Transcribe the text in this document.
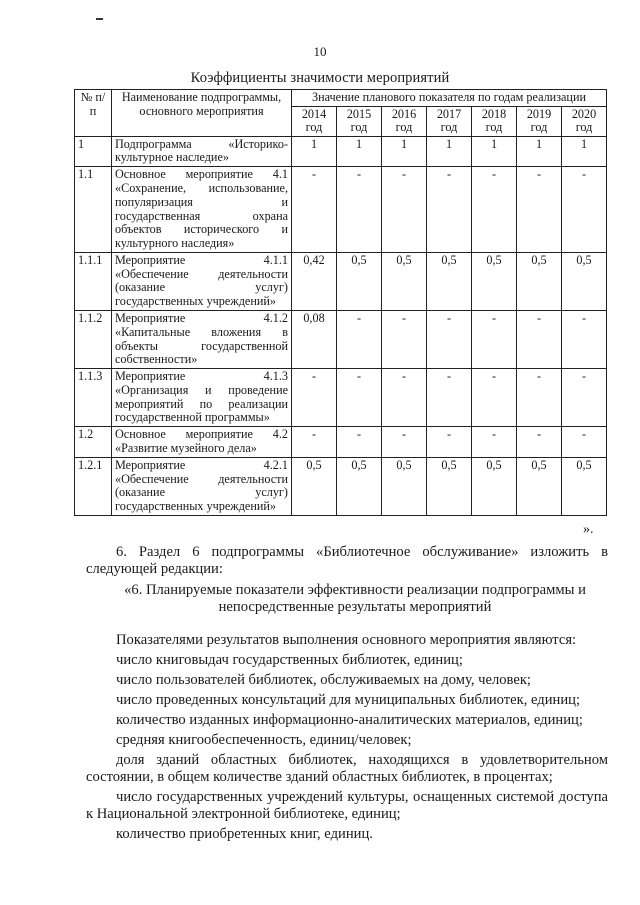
10
Коэффициенты значимости мероприятий
№ п/п	Наименование подпрограммы, основного мероприятия	Значение планового показателя по годам реализации						
		2014 год	2015 год	2016 год	2017 год	2018 год	2019 год	2020 год
1	Подпрограмма «Историко-культурное наследие»	1	1	1	1	1	1	1
1.1	Основное мероприятие 4.1 «Сохранение, использование, популяризация и государственная охрана объектов исторического и культурного наследия»	-	-	-	-	-	-	-
1.1.1	Мероприятие 4.1.1 «Обеспечение деятельности (оказание услуг) государственных учреждений»	0,42	0,5	0,5	0,5	0,5	0,5	0,5
1.1.2	Мероприятие 4.1.2 «Капитальные вложения в объекты государственной собственности»	0,08	-	-	-	-	-	-
1.1.3	Мероприятие 4.1.3 «Организация и проведение мероприятий по реализации государственной программы»	-	-	-	-	-	-	-
1.2	Основное мероприятие 4.2 «Развитие музейного дела»	-	-	-	-	-	-	-
1.2.1	Мероприятие 4.2.1 «Обеспечение деятельности (оказание услуг) государственных учреждений»	0,5	0,5	0,5	0,5	0,5	0,5	0,5
».

6. Раздел 6 подпрограммы «Библиотечное обслуживание» изложить в следующей редакции:

«6. Планируемые показатели эффективности реализации подпрограммы и непосредственные результаты мероприятий

Показателями результатов выполнения основного мероприятия являются:

число книговыдач государственных библиотек, единиц;

число пользователей библиотек, обслуживаемых на дому, человек;

число проведенных консультаций для муниципальных библиотек, единиц;

количество изданных информационно-аналитических материалов, единиц;

средняя книгообеспеченность, единиц/человек;

доля зданий областных библиотек, находящихся в удовлетворительном состоянии, в общем количестве зданий областных библиотек, в процентах;

число государственных учреждений культуры, оснащенных системой доступа к Национальной электронной библиотеке, единиц;

количество приобретенных книг, единиц.
